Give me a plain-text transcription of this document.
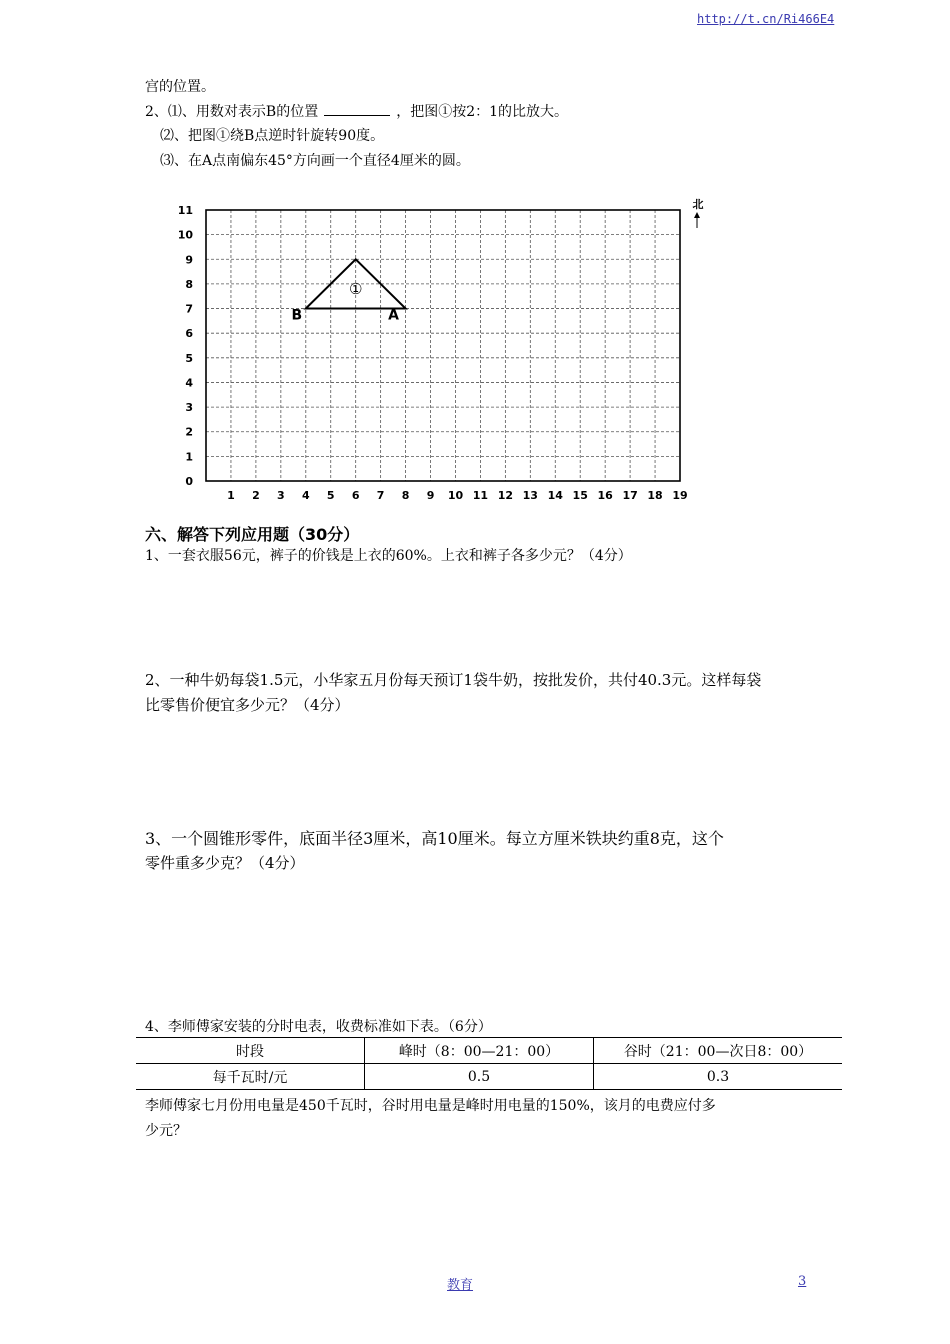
http://t.cn/Ri466E4
宫的位置。
2、⑴、用数对表示B的位置	，把图①按2：1的比放大。
⑵、把图①绕B点逆时针旋转90度。
⑶、在A点南偏东45°方向画一个直径4厘米的圆。
1 2 3 4 5 6 7 8 9 10 11 12 13 14 15 16 17 18 19
0
1
2
3
4
5
6
7
8
9
10
11	北
①
B	A
六、解答下列应用题（30分）
1、一套衣服56元，裤子的价钱是上衣的60%。上衣和裤子各多少元？（4分）
2、一种牛奶每袋1.5元，小华家五月份每天预订1袋牛奶，按批发价，共付40.3元。这样每袋
比零售价便宜多少元？（4分）
3、一个圆锥形零件，底面半径3厘米，高10厘米。每立方厘米铁块约重8克，这个
零件重多少克？（4分）
4、李师傅家安装的分时电表，收费标准如下表。（6分）
时段	峰时（8：00—21：00）	谷时（21：00—次日8：00）
每千瓦时/元	0.5	0.3
李师傅家七月份用电量是450千瓦时，谷时用电量是峰时用电量的150%，该月的电费应付多
少元？
教育	3
